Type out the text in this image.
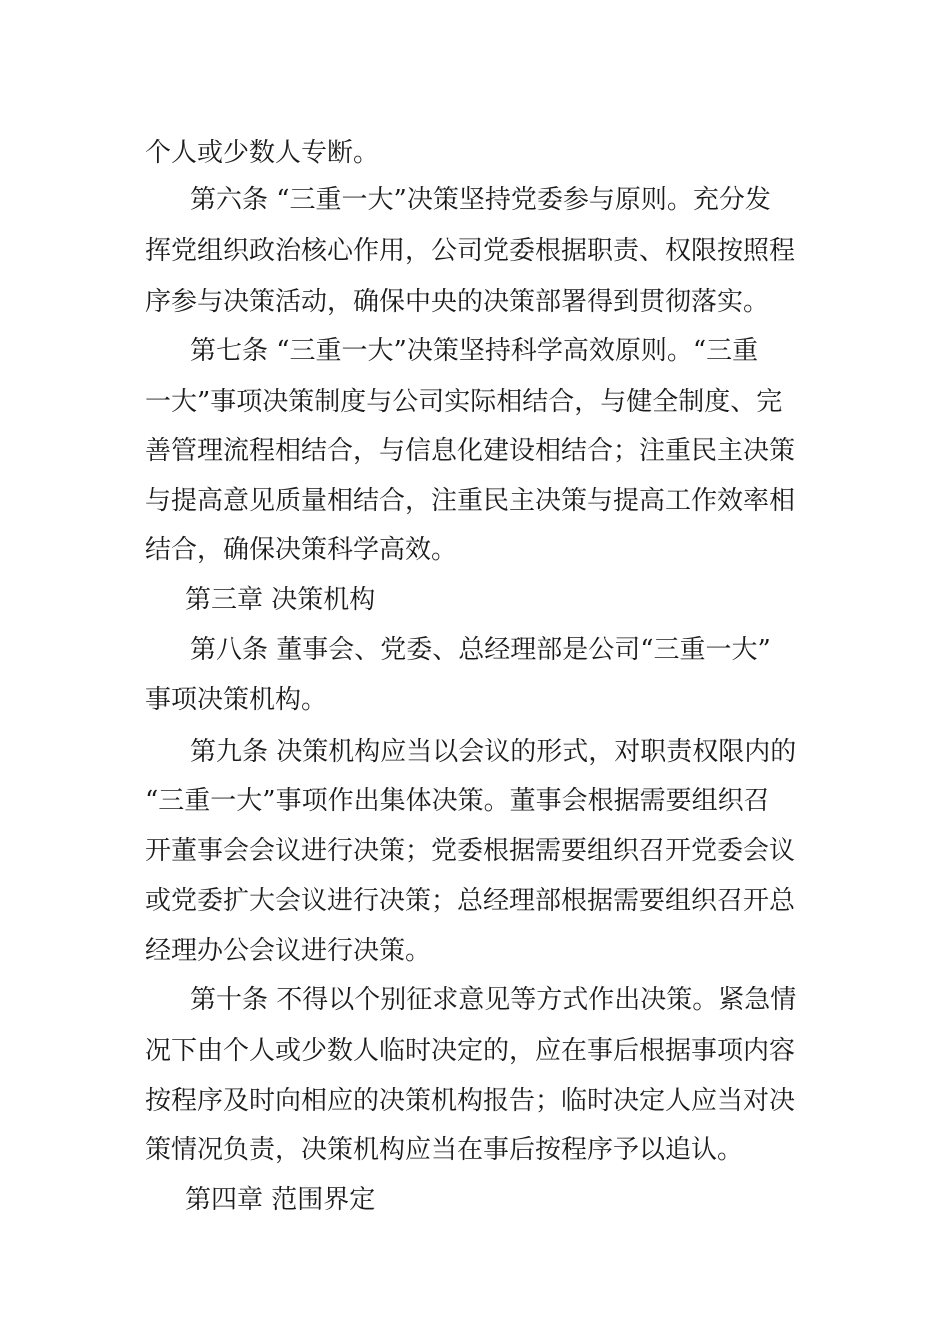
个人或少数人专断。
第六条 “三重一大”决策坚持党委参与原则。充分发
挥党组织政治核心作用，公司党委根据职责、权限按照程
序参与决策活动，确保中央的决策部署得到贯彻落实。
第七条 “三重一大”决策坚持科学高效原则。“三重
一大”事项决策制度与公司实际相结合，与健全制度、完
善管理流程相结合，与信息化建设相结合；注重民主决策
与提高意见质量相结合，注重民主决策与提高工作效率相
结合，确保决策科学高效。
第三章 决策机构
第八条 董事会、党委、总经理部是公司“三重一大”
事项决策机构。
第九条 决策机构应当以会议的形式，对职责权限内的
“三重一大”事项作出集体决策。董事会根据需要组织召
开董事会会议进行决策；党委根据需要组织召开党委会议
或党委扩大会议进行决策；总经理部根据需要组织召开总
经理办公会议进行决策。
第十条 不得以个别征求意见等方式作出决策。紧急情
况下由个人或少数人临时决定的，应在事后根据事项内容
按程序及时向相应的决策机构报告；临时决定人应当对决
策情况负责，决策机构应当在事后按程序予以追认。
第四章 范围界定
